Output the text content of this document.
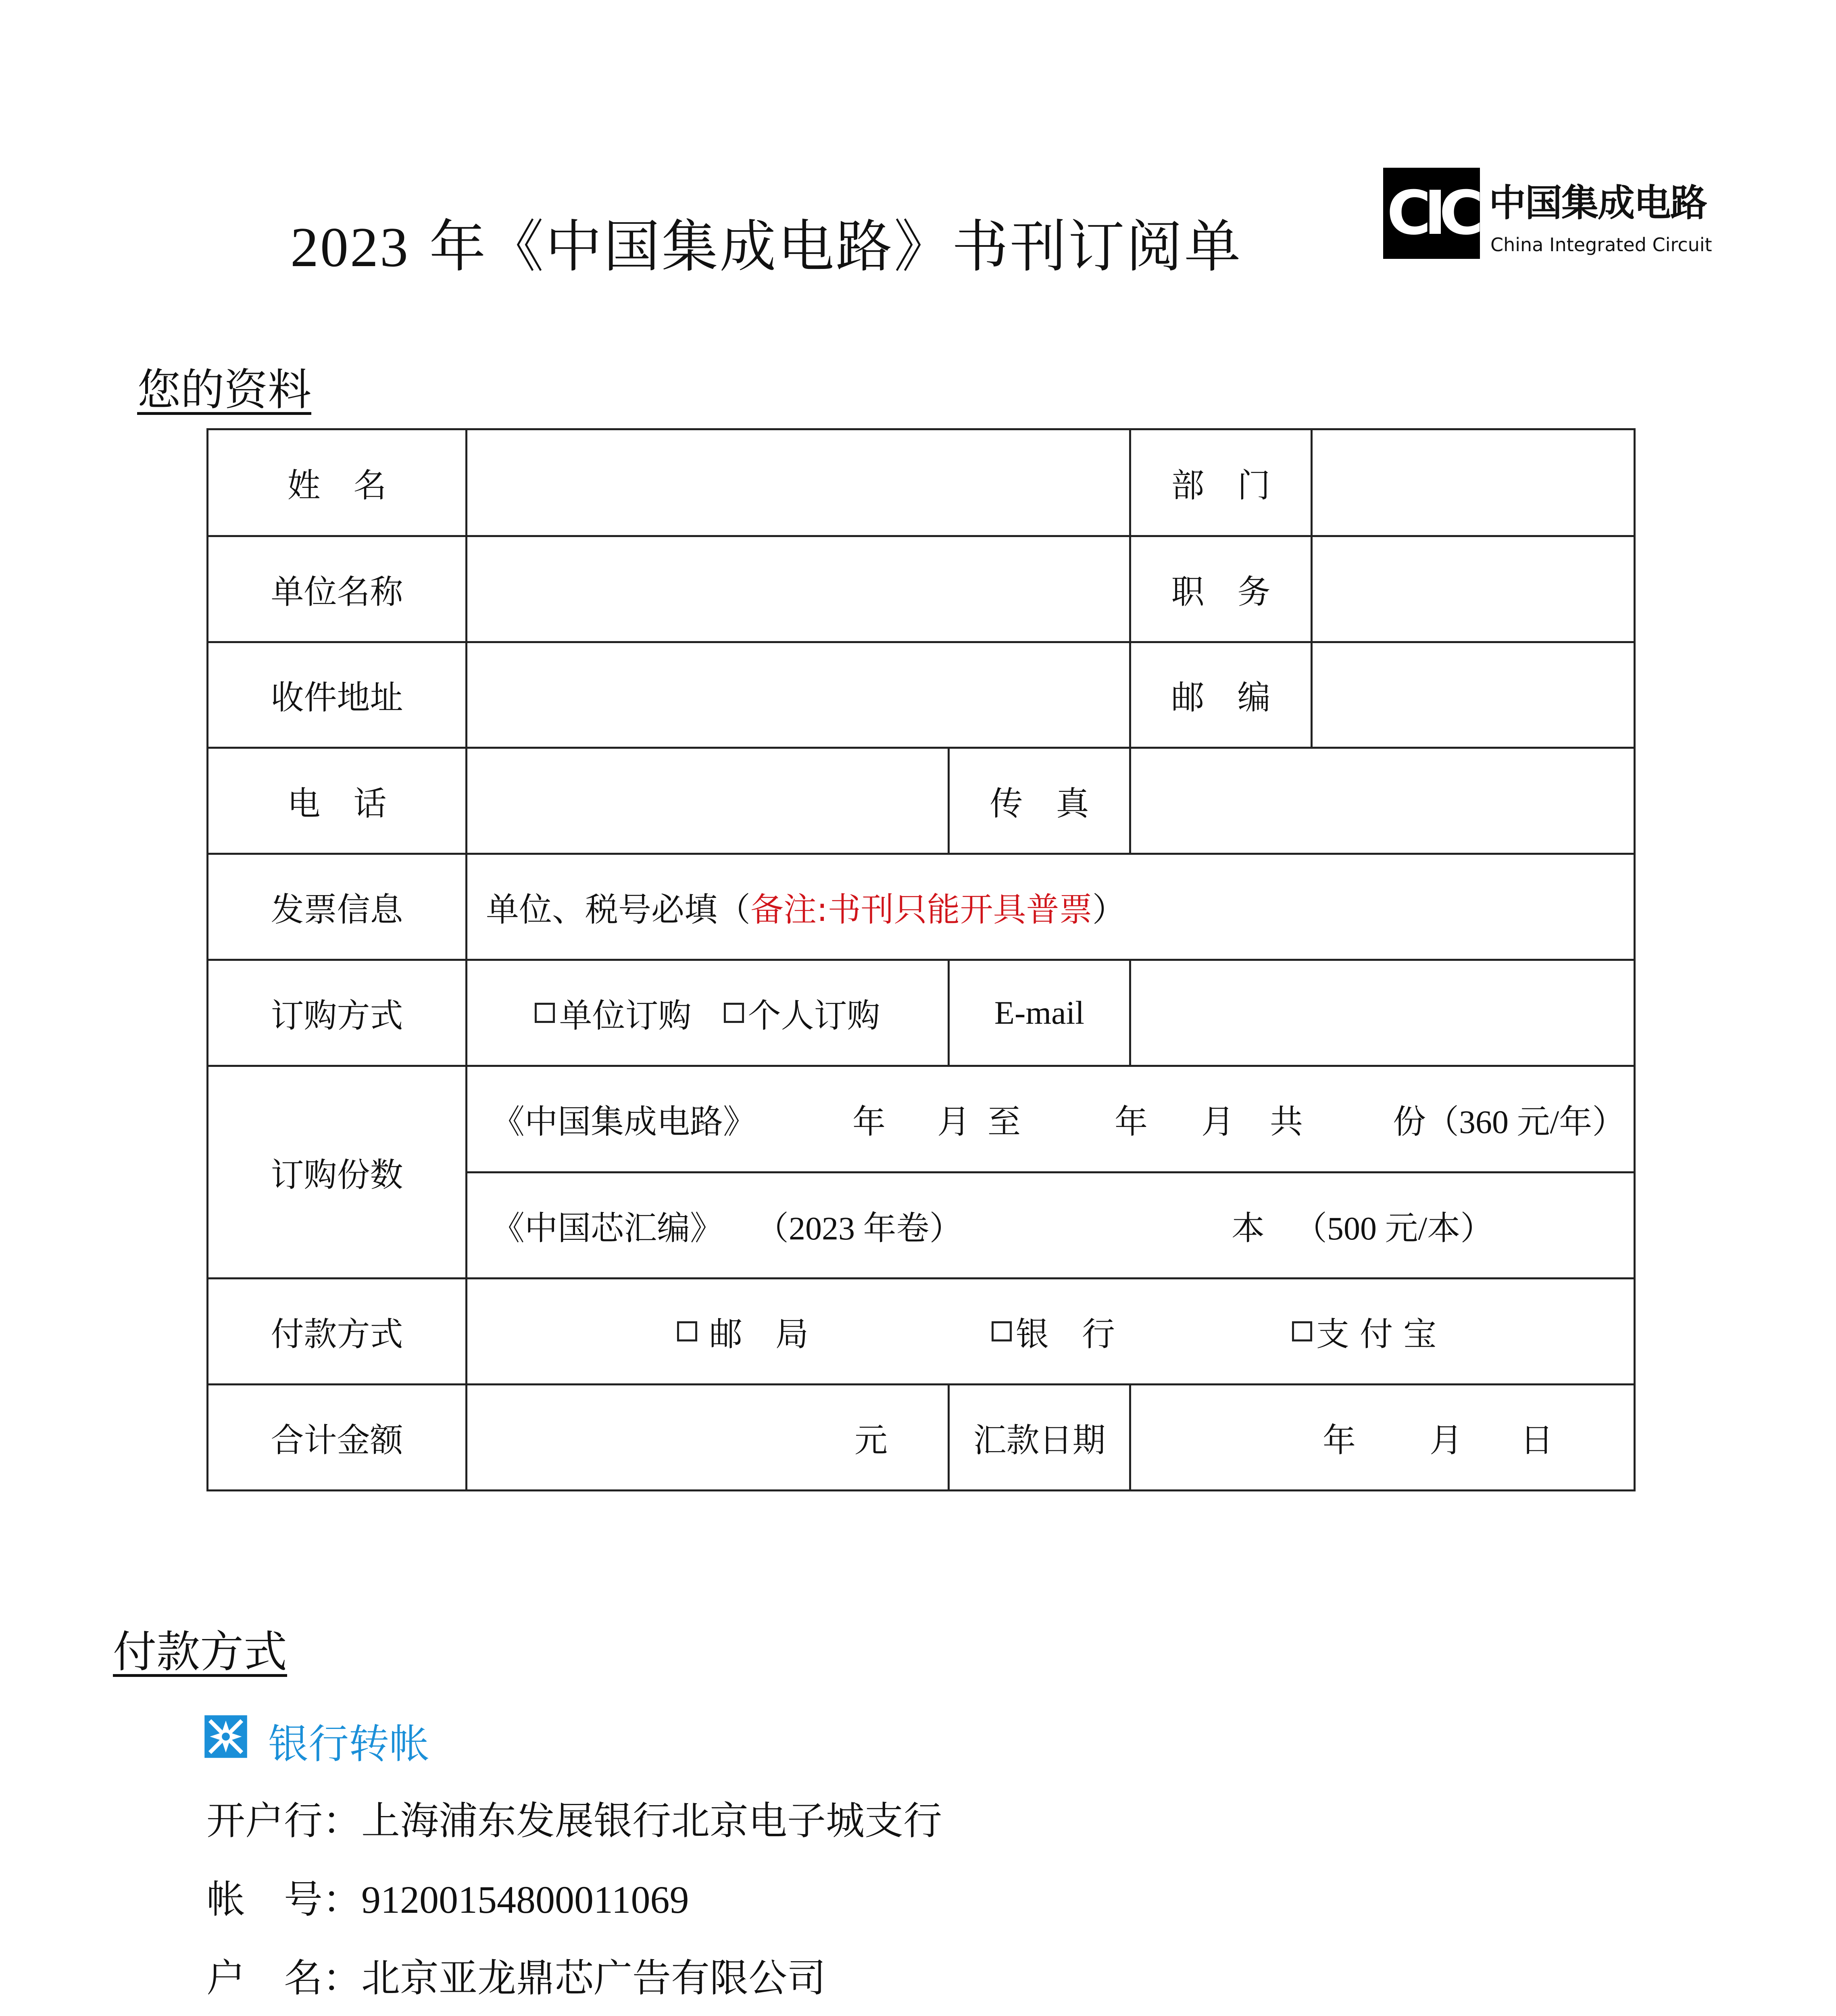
2023 年《中国集成电路》书刊订阅单 CIC 中国集成电路
China Integrated Circuit
您的资料
姓　名	部　门
单位名称	职　务
收件地址	邮　编
电　话	传　真
发票信息	单位、税号必填（ 备注:书刊只能开具普票 ）
订购方式	单位订购 个人订购	E-mail
订购份数
《中国集成电路》	年 月 至	年 月 共	份（360 元/年）
《中国芯汇编》 （2023 年卷）	本 （500 元/本）
付款方式	邮　局	银　行	支 付 宝
合计金额	元	汇款日期	年 月 日
付款方式
银行转帐
开户行：上海浦东发展银行北京电子城支行
帐　号：91200154800011069
户　名：北京亚龙鼎芯广告有限公司
